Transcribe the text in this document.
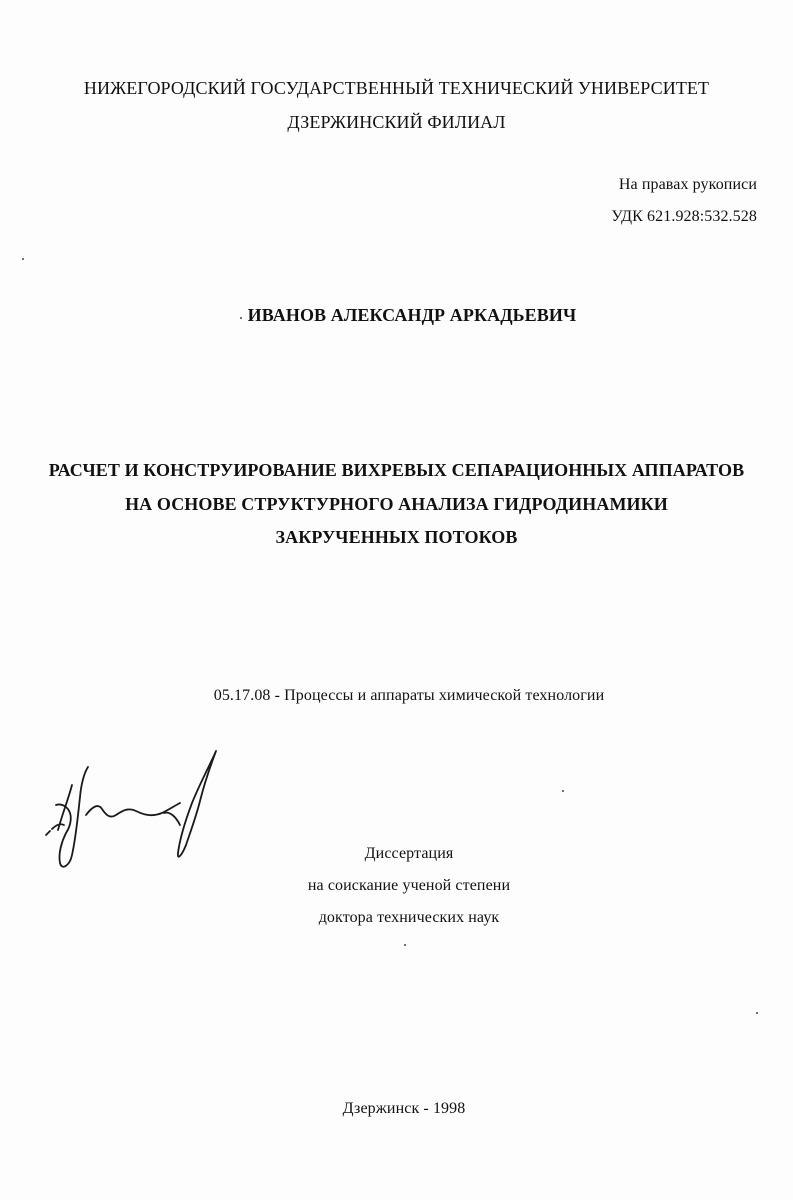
НИЖЕГОРОДСКИЙ ГОСУДАРСТВЕННЫЙ ТЕХНИЧЕСКИЙ УНИВЕРСИТЕТ
ДЗЕРЖИНСКИЙ ФИЛИАЛ
На правах рукописи
УДК 621.928:532.528
ИВАНОВ АЛЕКСАНДР АРКАДЬЕВИЧ
РАСЧЕТ И КОНСТРУИРОВАНИЕ ВИХРЕВЫХ СЕПАРАЦИОННЫХ АППАРАТОВ
НА ОСНОВЕ СТРУКТУРНОГО АНАЛИЗА ГИДРОДИНАМИКИ
ЗАКРУЧЕННЫХ ПОТОКОВ
05.17.08 - Процессы и аппараты химической технологии
Диссертация
на соискание ученой степени
доктора технических наук
Дзержинск - 1998
